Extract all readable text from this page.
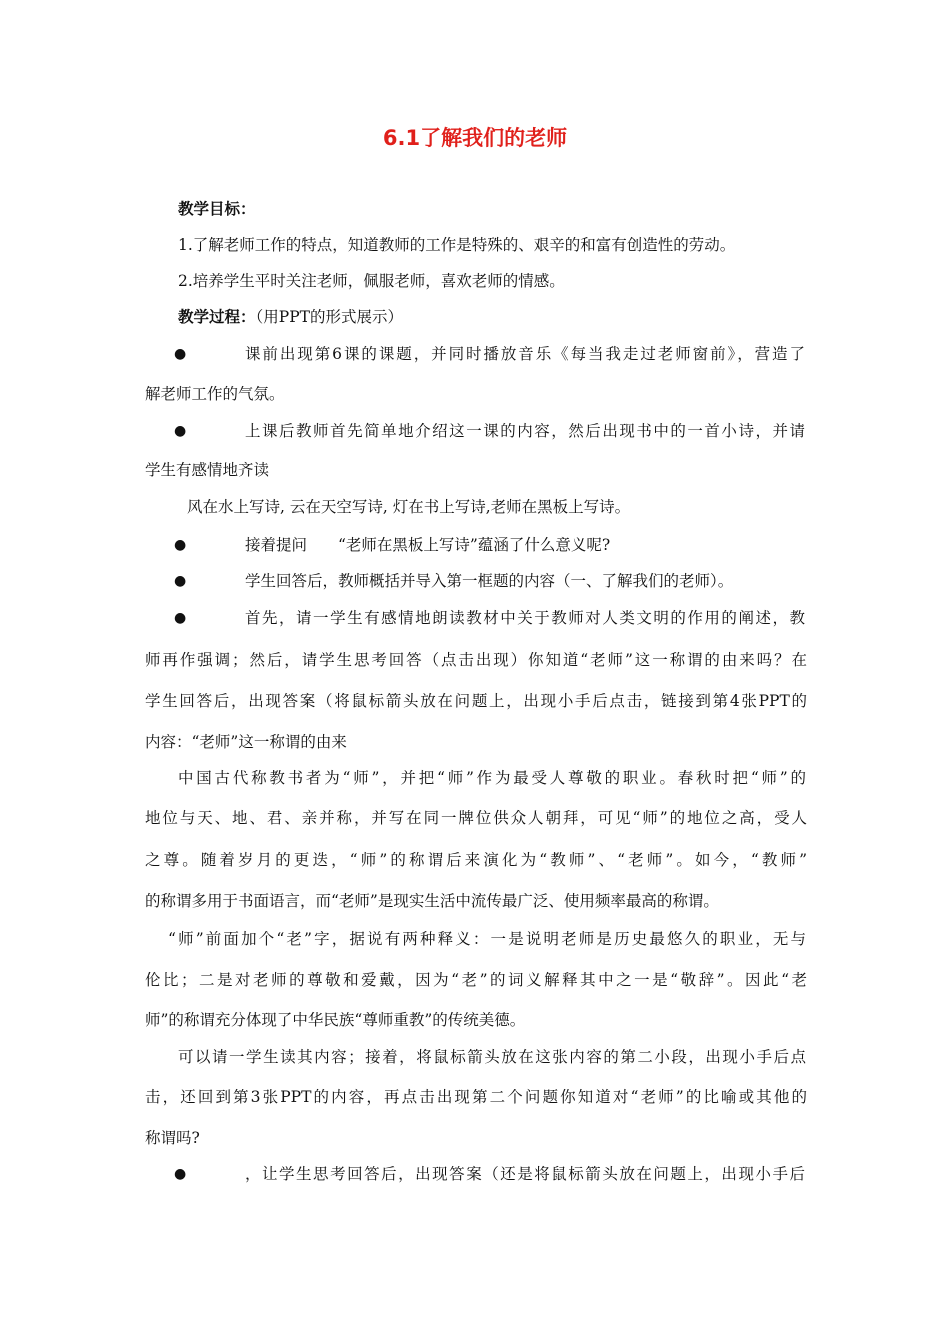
6.1了解我们的老师
教学目标：
1.了解老师工作的特点，知道教师的工作是特殊的、艰辛的和富有创造性的劳动。
2.培养学生平时关注老师，佩服老师，喜欢老师的情感。
教学过程：（用PPT的形式展示）
●	课前出现第6课的课题，并同时播放音乐《每当我走过老师窗前》，营造了
解老师工作的气氛。
●	上课后教师首先简单地介绍这一课的内容，然后出现书中的一首小诗，并请
学生有感情地齐读
风在水上写诗, 云在天空写诗, 灯在书上写诗,老师在黑板上写诗。
●	接着提问　　“老师在黑板上写诗”蕴涵了什么意义呢?
●	学生回答后，教师概括并导入第一框题的内容（一、了解我们的老师）。
●	首先，请一学生有感情地朗读教材中关于教师对人类文明的作用的阐述，教
师再作强调；然后，请学生思考回答（点击出现）你知道“老师”这一称谓的由来吗？在
学生回答后，出现答案（将鼠标箭头放在问题上，出现小手后点击，链接到第4张PPT的
内容：“老师”这一称谓的由来
中国古代称教书者为“师”，并把“师”作为最受人尊敬的职业。春秋时把“师”的
地位与天、地、君、亲并称，并写在同一牌位供众人朝拜，可见“师”的地位之高，受人
之尊。随着岁月的更迭，“师”的称谓后来演化为“教师”、“老师”。如今，“教师”
的称谓多用于书面语言，而“老师”是现实生活中流传最广泛、使用频率最高的称谓。
“师”前面加个“老”字，据说有两种释义：一是说明老师是历史最悠久的职业，无与
伦比；二是对老师的尊敬和爱戴，因为“老”的词义解释其中之一是“敬辞”。因此“老
师”的称谓充分体现了中华民族“尊师重教”的传统美德。
可以请一学生读其内容；接着，将鼠标箭头放在这张内容的第二小段，出现小手后点
击，还回到第3张PPT的内容，再点击出现第二个问题你知道对“老师”的比喻或其他的
称谓吗?
●	，让学生思考回答后，出现答案（还是将鼠标箭头放在问题上，出现小手后
